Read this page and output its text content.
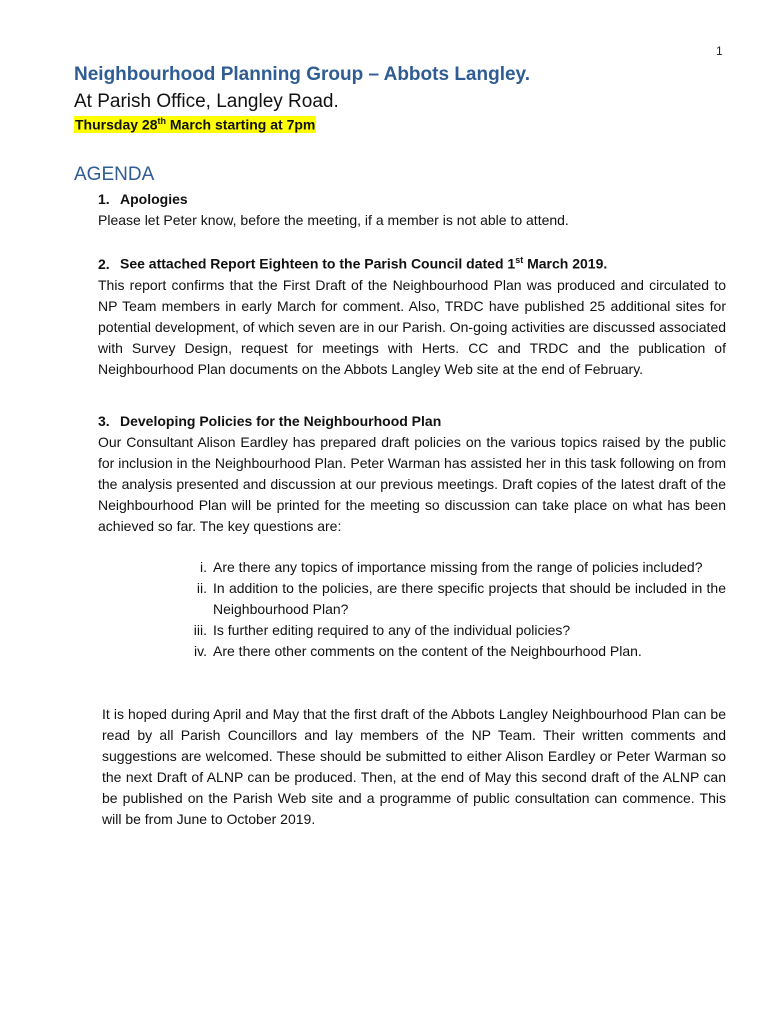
1
Neighbourhood Planning Group – Abbots Langley.
At Parish Office, Langley Road.
Thursday 28th March starting at 7pm
AGENDA
1. Apologies

Please let Peter know, before the meeting, if a member is not able to attend.

2. See attached Report Eighteen to the Parish Council dated 1st March 2019.

This report confirms that the First Draft of the Neighbourhood Plan was produced and circulated to NP Team members in early March for comment. Also, TRDC have published 25 additional sites for potential development, of which seven are in our Parish. On-going activities are discussed associated with Survey Design, request for meetings with Herts. CC and TRDC and the publication of Neighbourhood Plan documents on the Abbots Langley Web site at the end of February.

3. Developing Policies for the Neighbourhood Plan

Our Consultant Alison Eardley has prepared draft policies on the various topics raised by the public for inclusion in the Neighbourhood Plan. Peter Warman has assisted her in this task following on from the analysis presented and discussion at our previous meetings. Draft copies of the latest draft of the Neighbourhood Plan will be printed for the meeting so discussion can take place on what has been achieved so far. The key questions are:

i. Are there any topics of importance missing from the range of policies included?
ii. In addition to the policies, are there specific projects that should be included in the Neighbourhood Plan?
iii. Is further editing required to any of the individual policies?
iv. Are there other comments on the content of the Neighbourhood Plan.

It is hoped during April and May that the first draft of the Abbots Langley Neighbourhood Plan can be read by all Parish Councillors and lay members of the NP Team. Their written comments and suggestions are welcomed. These should be submitted to either Alison Eardley or Peter Warman so the next Draft of ALNP can be produced. Then, at the end of May this second draft of the ALNP can be published on the Parish Web site and a programme of public consultation can commence. This will be from June to October 2019.
